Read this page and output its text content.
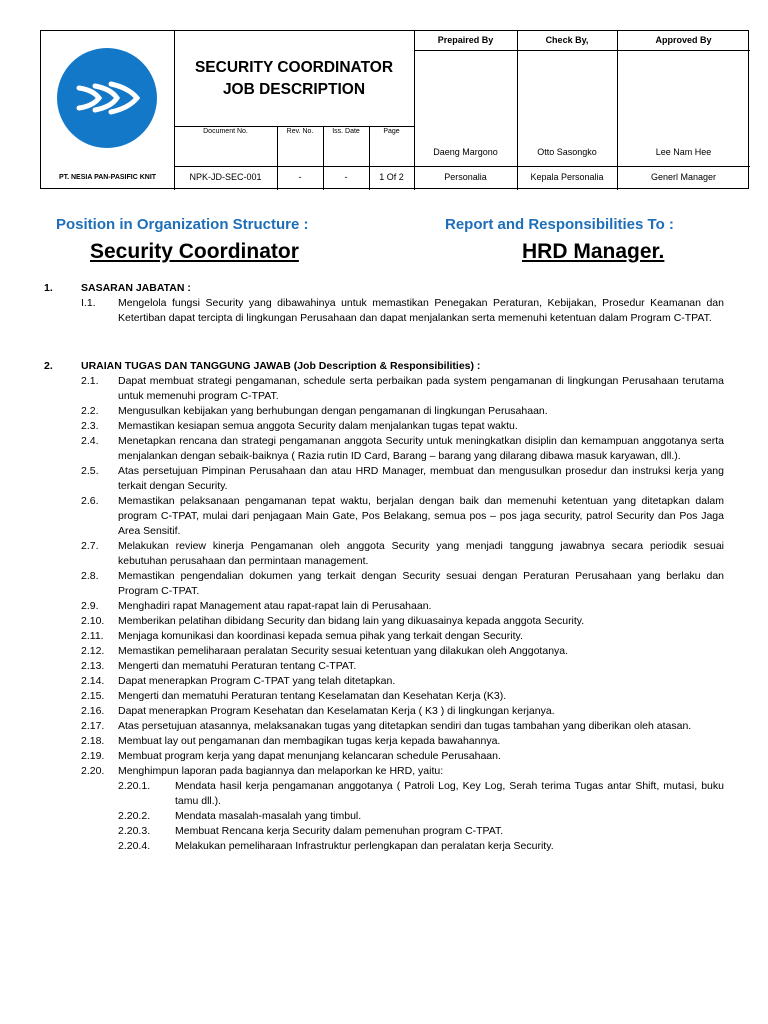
PT. NESIA PAN-PASIFIC KNIT
SECURITY COORDINATOR
JOB DESCRIPTION
Document No.	Rev. No.	Iss. Date	Page
NPK-JD-SEC-001	-	-	1 Of 2
Prepaired By	Check By,	Approved By
Daeng Margono	Otto Sasongko	Lee Nam Hee
Personalia	Kepala Personalia	Generl Manager
Position in Organization Structure :	Report and Responsibilities To :
Security Coordinator	HRD Manager.
1.	SASARAN JABATAN :
I.1.	Mengelola fungsi Security yang dibawahinya untuk memastikan Penegakan Peraturan, Kebijakan, Prosedur Keamanan dan Ketertiban dapat tercipta di lingkungan Perusahaan dan dapat menjalankan serta memenuhi ketentuan dalam Program C-TPAT.
2.	URAIAN TUGAS DAN TANGGUNG JAWAB (Job Description & Responsibilities) :
2.1.	Dapat membuat strategi pengamanan, schedule serta perbaikan pada system pengamanan di lingkungan Perusahaan terutama untuk memenuhi program C-TPAT.
2.2.	Mengusulkan kebijakan yang berhubungan dengan pengamanan di lingkungan Perusahaan.
2.3.	Memastikan kesiapan semua anggota Security dalam menjalankan tugas tepat waktu.
2.4.	Menetapkan rencana dan strategi pengamanan anggota Security untuk meningkatkan disiplin dan kemampuan anggotanya serta menjalankan dengan sebaik-baiknya ( Razia rutin ID Card, Barang – barang yang dilarang dibawa masuk karyawan, dll.).
2.5.	Atas persetujuan Pimpinan Perusahaan dan atau HRD Manager, membuat dan mengusulkan prosedur dan instruksi kerja yang terkait dengan Security.
2.6.	Memastikan pelaksanaan pengamanan tepat waktu, berjalan dengan baik dan memenuhi ketentuan yang ditetapkan dalam program C-TPAT, mulai dari penjagaan Main Gate, Pos Belakang, semua pos – pos jaga security, patrol Security dan Pos Jaga Area Sensitif.
2.7.	Melakukan review kinerja Pengamanan oleh anggota Security yang menjadi tanggung jawabnya secara periodik sesuai kebutuhan perusahaan dan permintaan management.
2.8.	Memastikan pengendalian dokumen yang terkait dengan Security sesuai dengan Peraturan Perusahaan yang berlaku dan Program C-TPAT.
2.9.	Menghadiri rapat Management atau rapat-rapat lain di Perusahaan.
2.10.	Memberikan pelatihan dibidang Security dan bidang lain yang dikuasainya kepada anggota Security.
2.11.	Menjaga komunikasi dan koordinasi kepada semua pihak yang terkait dengan Security.
2.12.	Memastikan pemeliharaan peralatan Security sesuai ketentuan yang dilakukan oleh Anggotanya.
2.13.	Mengerti dan mematuhi Peraturan tentang C-TPAT.
2.14.	Dapat menerapkan Program C-TPAT yang telah ditetapkan.
2.15.	Mengerti dan mematuhi Peraturan tentang Keselamatan dan Kesehatan Kerja (K3).
2.16.	Dapat menerapkan Program Kesehatan dan Keselamatan Kerja ( K3 ) di lingkungan kerjanya.
2.17.	Atas persetujuan atasannya, melaksanakan tugas yang ditetapkan sendiri dan tugas tambahan yang diberikan oleh atasan.
2.18.	Membuat lay out pengamanan dan membagikan tugas kerja kepada bawahannya.
2.19.	Membuat program kerja yang dapat menunjang kelancaran schedule Perusahaan.
2.20.	Menghimpun laporan pada bagiannya dan melaporkan ke HRD, yaitu:
2.20.1.	Mendata hasil kerja pengamanan anggotanya ( Patroli Log, Key Log, Serah terima Tugas antar Shift, mutasi, buku tamu dll.).
2.20.2.	Mendata masalah-masalah yang timbul.
2.20.3.	Membuat Rencana kerja Security dalam pemenuhan program C-TPAT.
2.20.4.	Melakukan pemeliharaan Infrastruktur perlengkapan dan peralatan kerja Security.
